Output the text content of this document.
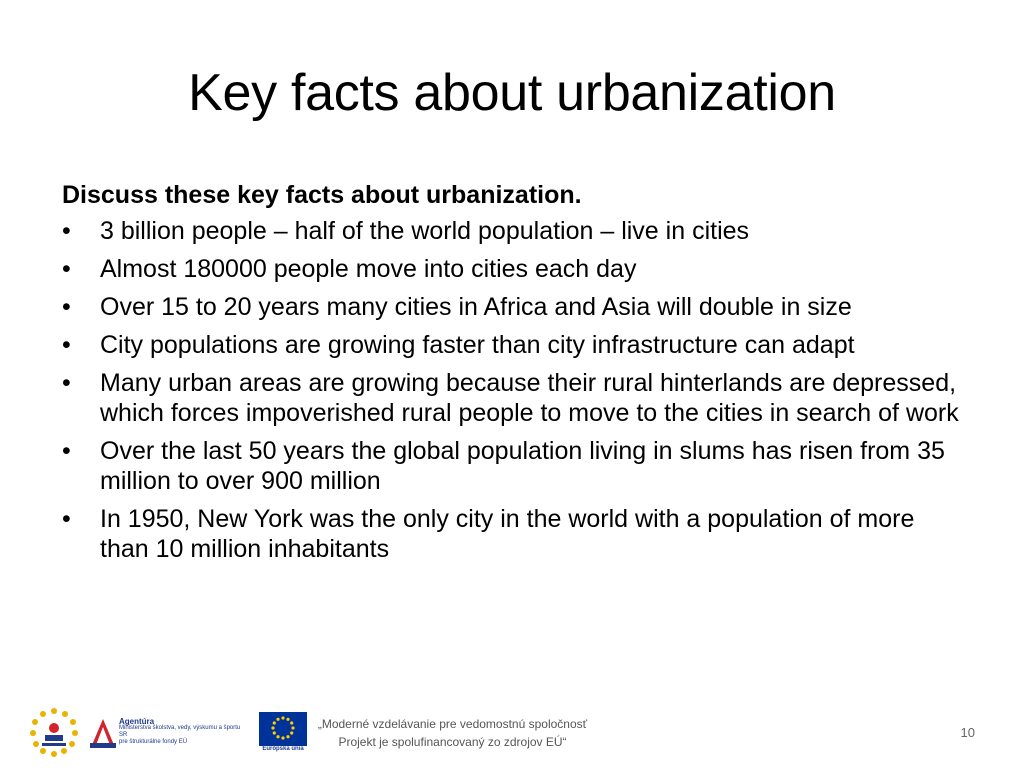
Key facts about urbanization

Discuss these key facts about urbanization.

•	3 billion people – half of the world population – live in cities
•	Almost 180000 people move into cities each day
•	Over 15 to 20 years many cities in Africa and Asia will double in size
•	City populations are growing faster than city infrastructure can adapt
•	Many urban areas are growing because their rural hinterlands are depressed, which forces impoverished rural people to move to the cities in search of work
•	Over the last 50 years the global population living in slums has risen from 35 million to over 900 million
•	In 1950, New York was the only city in the world with a population of more than 10 million inhabitants
Agentúra
Ministerstva školstva, vedy, výskumu a športu SR
pre štrukturálne fondy EÚ
Európska únia
„Moderné vzdelávanie pre vedomostnú spoločnosť
Projekt je spolufinancovaný zo zdrojov EÚ“
10
